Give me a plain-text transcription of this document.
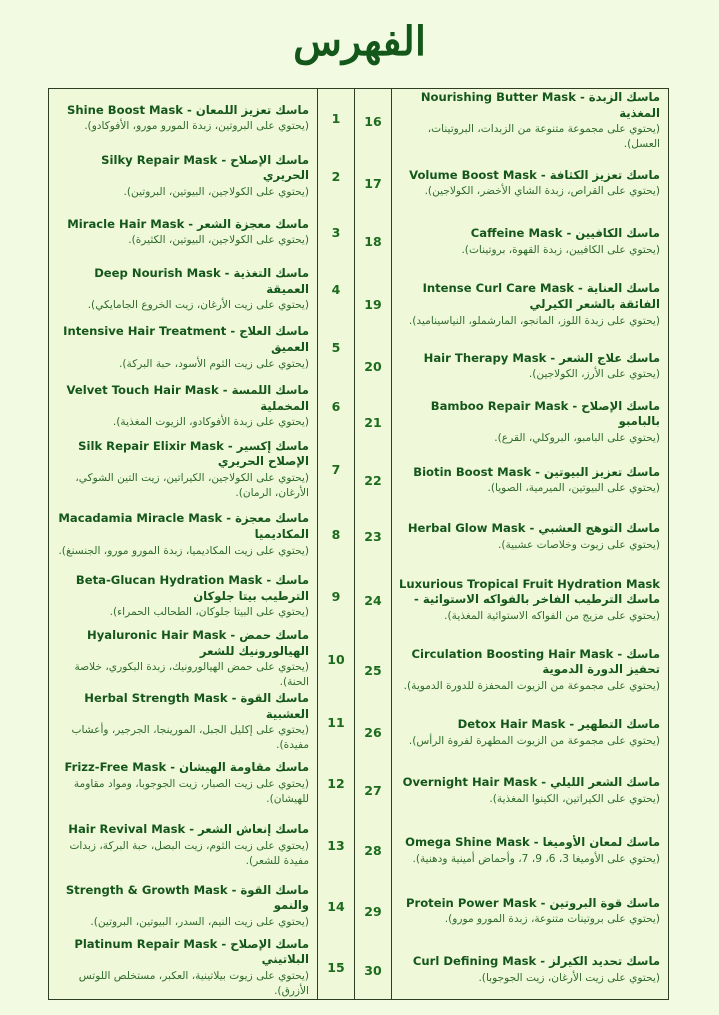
الفهرس
16
17
18
19
20
21
22
23
24
25
26
27
28
29
30
Nourishing Butter Mask - ماسك الزبدة المغذية
(يحتوي على مجموعة متنوعة من الزبدات، البروتينات، العسل).
Volume Boost Mask - ماسك تعزيز الكثافة
(يحتوي على القراص، زبدة الشاي الأخضر، الكولاجين).
Caffeine Mask - ماسك الكافيين
(يحتوي على الكافيين، زبدة القهوة، بروتينات).
Intense Curl Care Mask - ماسك العناية الفائقة بالشعر الكيرلي
(يحتوي على زبدة اللوز، المانجو، المارشملو، النياسيناميد).
Hair Therapy Mask - ماسك علاج الشعر
(يحتوي على الأرز، الكولاجين).
Bamboo Repair Mask - ماسك الإصلاح بالبامبو
(يحتوي على البامبو، البروكلي، القرع).
Biotin Boost Mask - ماسك تعزيز البيوتين
(يحتوي على البيوتين، الميرمية، الصويا).
Herbal Glow Mask - ماسك التوهج العشبي
(يحتوي على زيوت وخلاصات عشبية).
Luxurious Tropical Fruit Hydration Mask - ماسك الترطيب الفاخر بالفواكه الاستوائية
(يحتوي على مزيج من الفواكه الاستوائية المغذية).
Circulation Boosting Hair Mask - ماسك تحفيز الدورة الدموية
(يحتوي على مجموعة من الزيوت المحفزة للدورة الدموية).
Detox Hair Mask - ماسك التطهير
(يحتوي على مجموعة من الزيوت المطهرة لفروة الرأس).
Overnight Hair Mask - ماسك الشعر الليلي
(يحتوي على الكيراتين، الكينوا المغذية).
Omega Shine Mask - ماسك لمعان الأوميغا
(يحتوي على الأوميغا 3، 6، 9، 7، وأحماض أمينية ودهنية).
Protein Power Mask - ماسك قوة البروتين
(يحتوي على بروتينات متنوعة، زبدة المورو مورو).
Curl Defining Mask - ماسك تحديد الكيرلز
(يحتوي على زيت الأرغان، زيت الجوجوبا).
1
2
3
4
5
6
7
8
9
10
11
12
13
14
15
Shine Boost Mask - ماسك تعزيز اللمعان
(يحتوي على البروتين، زبدة المورو مورو، الأفوكادو).
Silky Repair Mask - ماسك الإصلاح الحريري
(يحتوي على الكولاجين، البيوتين، البروتين).
Miracle Hair Mask - ماسك معجزة الشعر
(يحتوي على الكولاجين، البيوتين، الكثيرة).
Deep Nourish Mask - ماسك التغذية العميقة
(يحتوي على زيت الأرغان، زيت الخروع الجامايكي).
Intensive Hair Treatment - ماسك العلاج العميق
(يحتوي على زيت الثوم الأسود، حبة البركة).
Velvet Touch Hair Mask - ماسك اللمسة المخملية
(يحتوي على زبدة الأفوكادو، الزيوت المغذية).
Silk Repair Elixir Mask - ماسك إكسير الإصلاح الحريري
(يحتوي على الكولاجين، الكيراتين، زيت التين الشوكي، الأرغان، الرمان).
Macadamia Miracle Mask - ماسك معجزة المكاديميا
(يحتوي على زيت المكاديميا، زبدة المورو مورو، الجنسنغ).
Beta-Glucan Hydration Mask - ماسك الترطيب بيتا جلوكان
(يحتوي على البيتا جلوكان، الطحالب الحمراء).
Hyaluronic Hair Mask - ماسك حمض الهيالورونيك للشعر
(يحتوي على حمض الهيالورونيك، زبدة البكوري، خلاصة الحنة).
Herbal Strength Mask - ماسك القوة العشبية
(يحتوي على إكليل الجبل، المورينجا، الجرجير، وأعشاب مفيدة).
Frizz-Free Mask - ماسك مقاومة الهيشان
(يحتوي على زيت الصبار، زيت الجوجوبا، ومواد مقاومة للهيشان).
Hair Revival Mask - ماسك إنعاش الشعر
(يحتوي على زيت الثوم، زيت البصل، حبة البركة، زبدات مفيدة للشعر).
Strength & Growth Mask - ماسك القوة والنمو
(يحتوي على زيت النيم، السدر، البيوتين، البروتين).
Platinum Repair Mask - ماسك الإصلاح البلاتيني
(يحتوي على زيوت بيلاتينية، العكبر، مستخلص اللوتس الأزرق).
